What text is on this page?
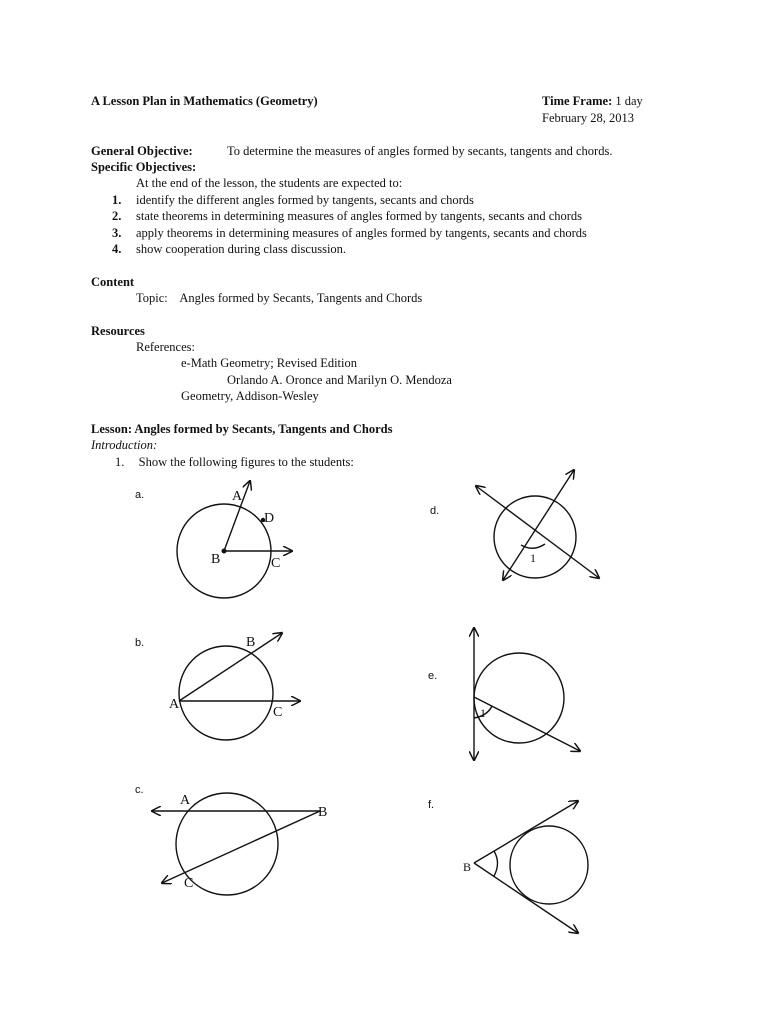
A Lesson Plan in Mathematics (Geometry)	Time Frame: 1 day
February 28, 2013
General Objective:	To determine the measures of angles formed by secants, tangents and chords.
Specific Objectives:
At the end of the lesson, the students are expected to:
1. identify the different angles formed by tangents, secants and chords
2. state theorems in determining measures of angles formed by tangents, secants and chords
3. apply theorems in determining measures of angles formed by tangents, secants and chords
4. show cooperation during class discussion.
Content
Topic: Angles formed by Secants, Tangents and Chords
Resources
References:
e-Math Geometry; Revised Edition
Orlando A. Oronce and Marilyn O. Mendoza
Geometry, Addison-Wesley
Lesson: Angles formed by Secants, Tangents and Chords
Introduction:
1. Show the following figures to the students:
a.
b.
c.
d.
e.
f.
A
D
B	C
B
A
C
A
B
C
1
1
B
